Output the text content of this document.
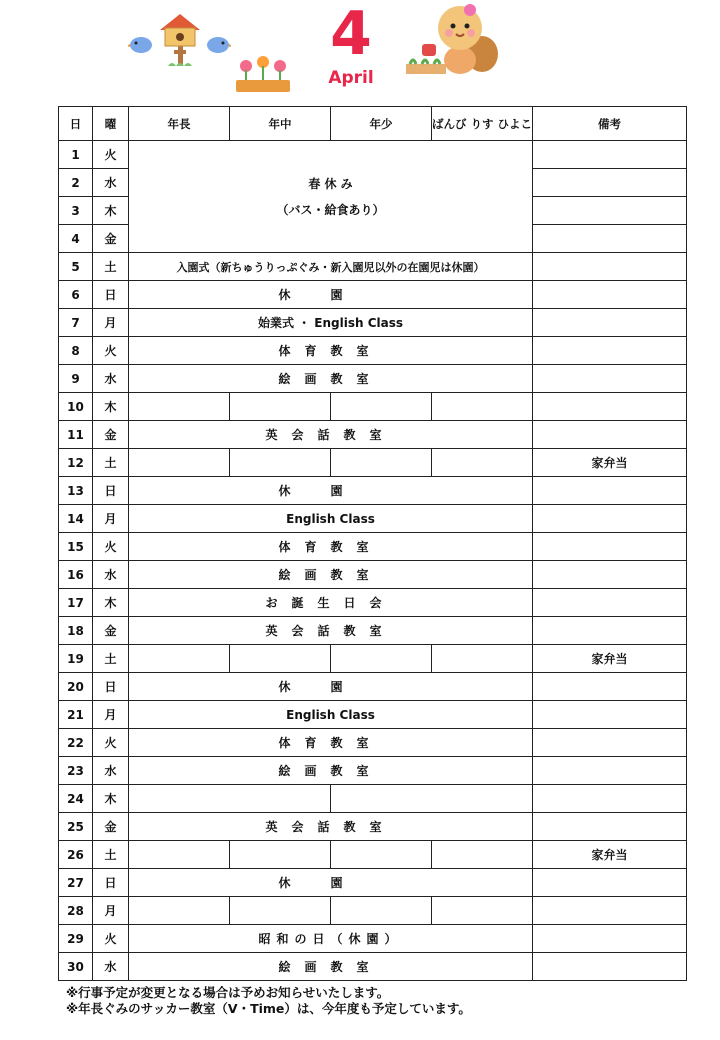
4
April
日	曜	年長	年中	年少	ばんび りす ひよこ	備考
1	火	春 休 み
（バス・給食あり）				

2	水					
3	木					
4	金					
5	土	入園式（新ちゅうりっぷぐみ・新入園児以外の在園児は休園）				
6	日	休園				
7	月	始業式 ・ English Class				
8	火	体育教室				
9	水	絵画教室				
10	木					
11	金	英会話教室				
12	土					家弁当
13	日	休園				
14	月	English Class				
15	火	体育教室				
16	水	絵画教室				
17	木	お誕生日会				
18	金	英会話教室				
19	土					家弁当
20	日	休園				
21	月	English Class				
22	火	体育教室				
23	水	絵画教室				
24	木					
25	金	英会話教室				
26	土					家弁当
27	日	休園				
28	月					
29	火	昭和の日（休園）				
30	水	絵画教室				
※行事予定が変更となる場合は予めお知らせいたします。
※年長ぐみのサッカー教室（V・Time）は、今年度も予定しています。
